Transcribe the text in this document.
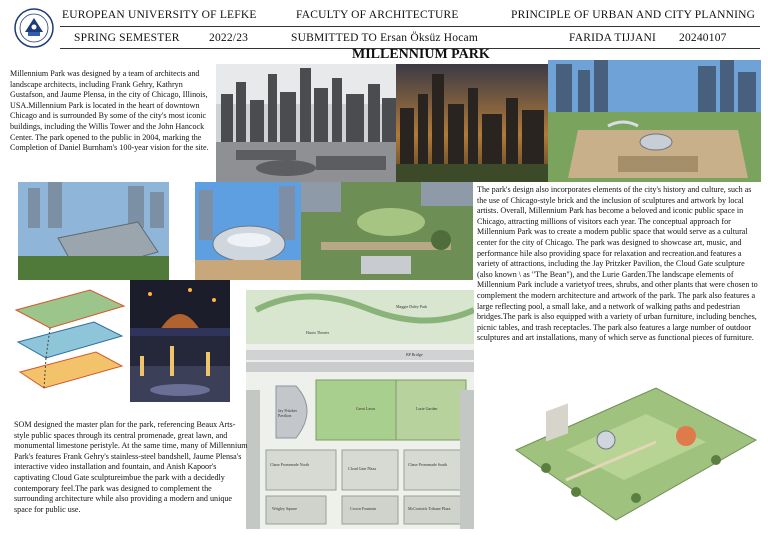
EUROPEAN UNIVERSITY OF LEFKE	FACULTY OF ARCHITECTURE	PRINCIPLE OF URBAN AND CITY PLANNING
SPRING SEMESTER	2022/23	SUBMITTED TO Ersan Öksüz Hocam	FARIDA TIJJANI 20240107
MILLENNIUM PARK
Millennium Park was designed by a team of architects and landscape architects, including Frank Gehry, Kathryn Gustafson, and Jaume Plensa, in the city of Chicago, Illinois, USA.Millennium Park is located in the heart of downtown Chicago and is surrounded By some of the city's most iconic buildings, including the Willis Tower and the John Hancock Center. The park opened to the public in 2004, marking the Completion of Daniel Burnham's 100-year vision for the site.
The park's design also incorporates elements of the city's history and culture, such as the use of Chicago-style brick and the inclusion of sculptures and artwork by local artists. Overall, Millennium Park has become a beloved and iconic public space in Chicago, attracting millions of visitors each year. The conceptual approach for Millennium Park was to create a modern public space that would serve as a cultural center for the city of Chicago. The park was designed to showcase art, music, and performance hile also providing space for relaxation and recreation.and features a variety of attractions, including the Jay Pritzker Pavilion, the Cloud Gate sculpture (also known \ as "The Bean"), and the Lurie Garden.The landscape elements of Millennium Park include a varietyof trees, shrubs, and other plants that were chosen to complement the modern architecture and artwork of the park. The park also features a large reflecting pool, a small lake, and a network of walking paths and pedestrian bridges.The park is also equipped with a variety of urban furniture, including benches, picnic tables, and trash receptacles. The park also features a large number of outdoor sculptures and art installations, many of which serve as functional pieces of furniture.
Maggie Daley Park
BP Bridge
Great Lawn
Jay Pritzker Pavilion
Lurie Garden
Chase Promenade North
Cloud Gate Plaza
Chase Promenade South
Wrigley Square	Crown Fountain	McCormick Tribune Plaza
Harris Theater
SOM designed the master plan for the park, referencing Beaux Arts-style public spaces through its central promenade, great lawn, and monumental limestone peristyle. At the same time, many of Millennium Park's features Frank Gehry's stainless-steel bandshell, Jaume Plensa's interactive video installation and fountain, and Anish Kapoor's captivating Cloud Gate sculptureimbue the park with a decidedly contemporary feel.The park was designed to complement the surrounding architecture while also providing a modern and unique space for public use.
